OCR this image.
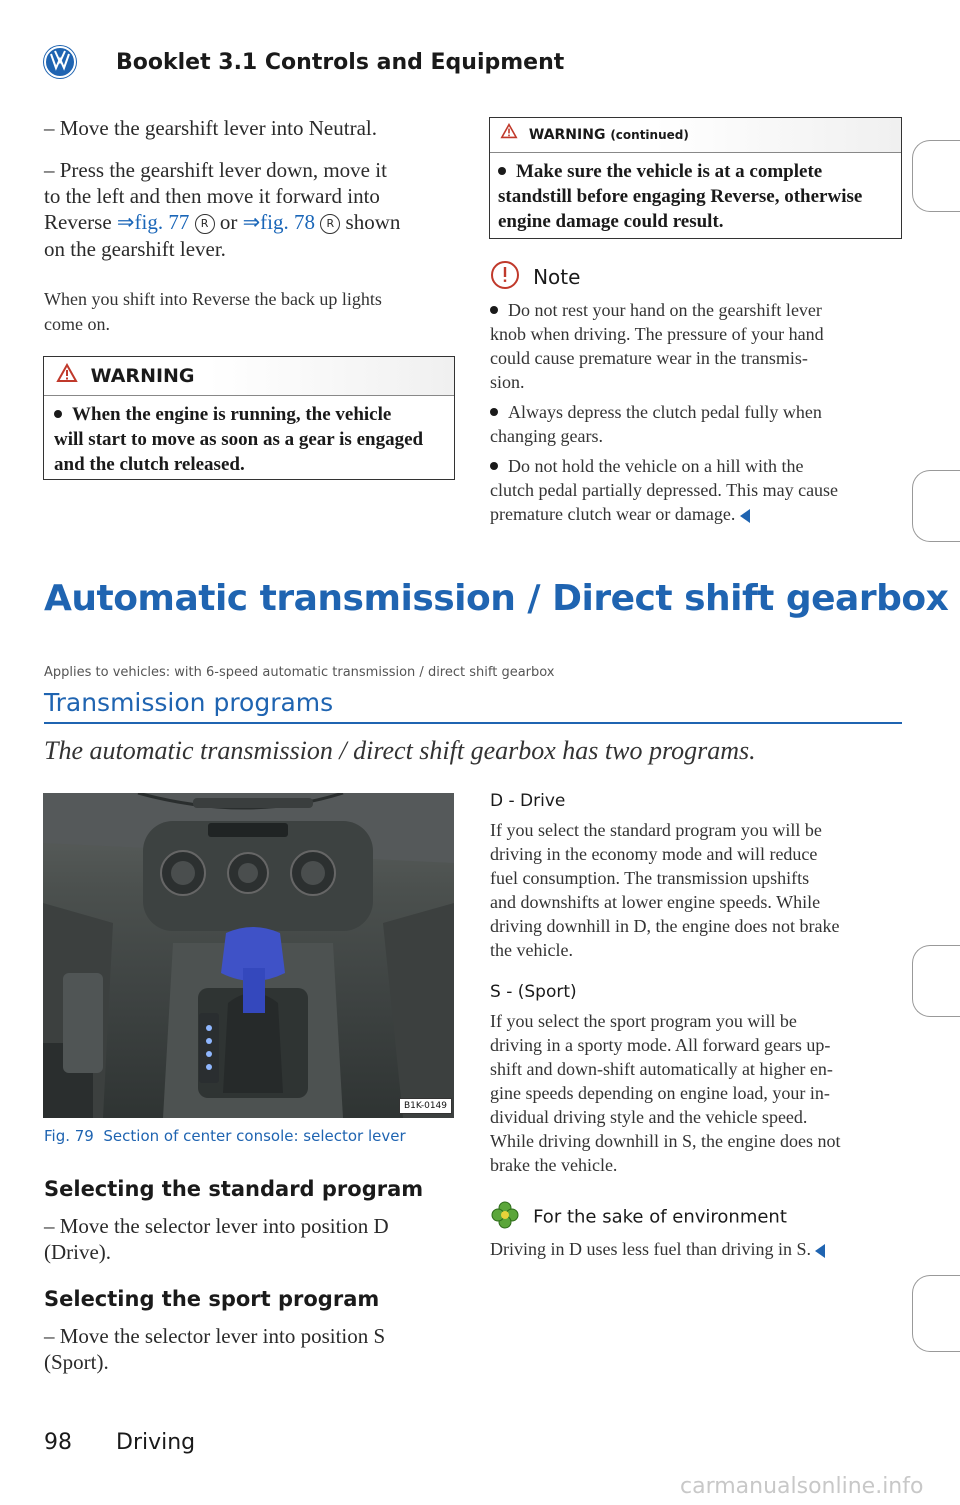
Booklet 3.1 Controls and Equipment
– Move the gearshift lever into Neutral.
– Press the gearshift lever down, move it
to the left and then move it forward into
Reverse ⇒fig. 77 R or ⇒fig. 78 R shown
on the gearshift lever.
When you shift into Reverse the back up lights
come on.
WARNING
When the engine is running, the vehicle
will start to move as soon as a gear is engaged
and the clutch released.
WARNING (continued)
Make sure the vehicle is at a complete
standstill before engaging Reverse, otherwise
engine damage could result.
Note
Do not rest your hand on the gearshift lever
knob when driving. The pressure of your hand
could cause premature wear in the transmis-
sion.
Always depress the clutch pedal fully when
changing gears.
Do not hold the vehicle on a hill with the
clutch pedal partially depressed. This may cause
premature clutch wear or damage.
Automatic transmission / Direct shift gearbox
Applies to vehicles: with 6-speed automatic transmission / direct shift gearbox
Transmission programs
The automatic transmission / direct shift gearbox has two programs.
B1K-0149
Fig. 79 Section of center console: selector lever
Selecting the standard program
– Move the selector lever into position D
(Drive).
Selecting the sport program
– Move the selector lever into position S
(Sport).
D - Drive
If you select the standard program you will be
driving in the economy mode and will reduce
fuel consumption. The transmission upshifts
and downshifts at lower engine speeds. While
driving downhill in D, the engine does not brake
the vehicle.
S - (Sport)
If you select the sport program you will be
driving in a sporty mode. All forward gears up-
shift and down-shift automatically at higher en-
gine speeds depending on engine load, your in-
dividual driving style and the vehicle speed.
While driving downhill in S, the engine does not
brake the vehicle.
For the sake of environment
Driving in D uses less fuel than driving in S.
98 Driving
carmanualsonline.info
